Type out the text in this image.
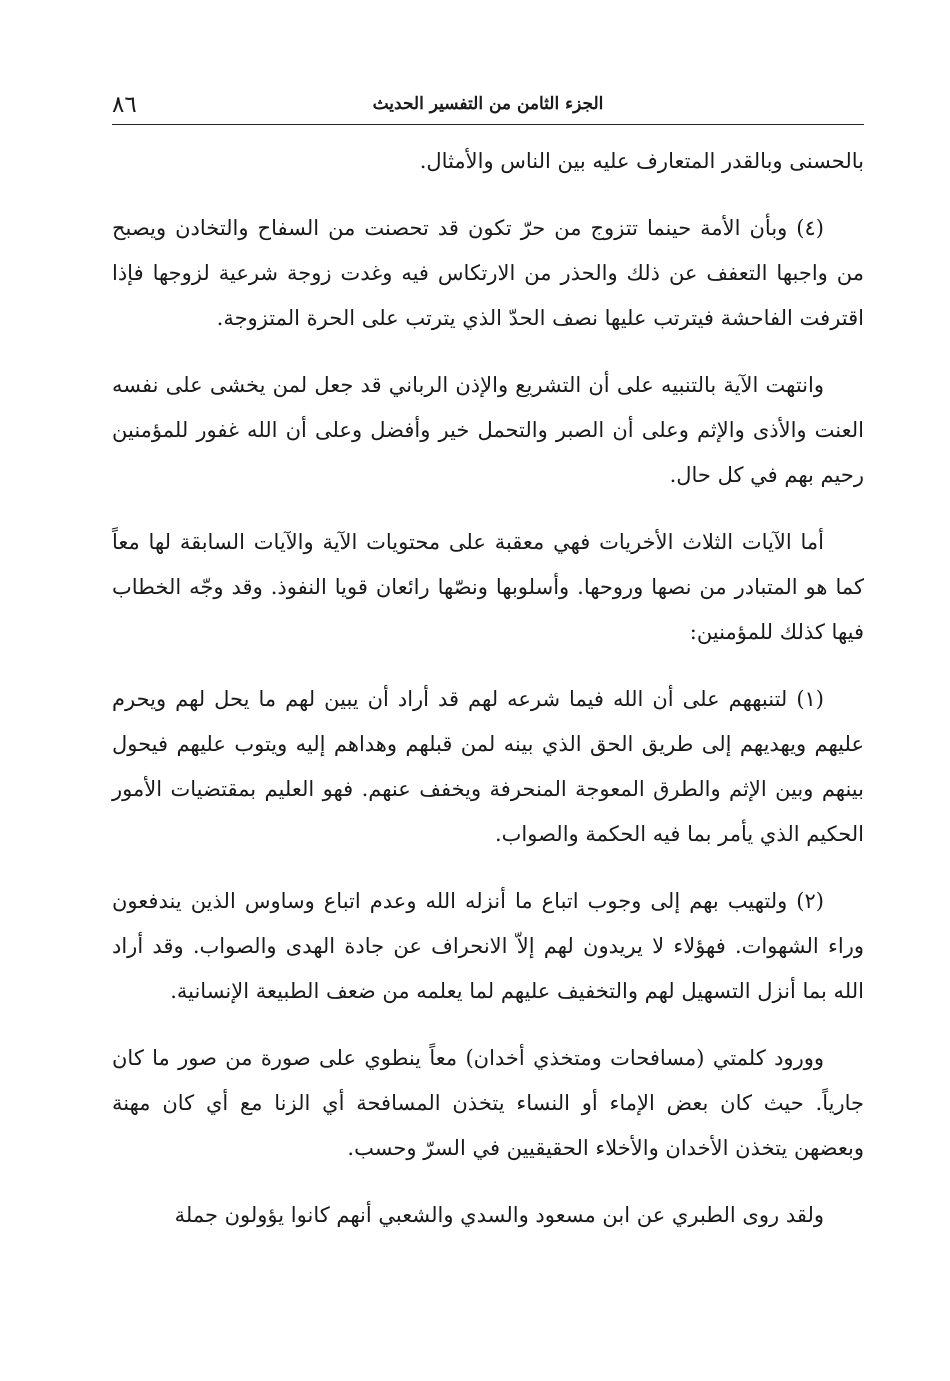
٨٦	الجزء الثامن من التفسير الحديث

بالحسنى وبالقدر المتعارف عليه بين الناس والأمثال.

(٤) وبأن الأمة حينما تتزوج من حرّ تكون قد تحصنت من السفاح والتخادن ويصبح من واجبها التعفف عن ذلك والحذر من الارتكاس فيه وغدت زوجة شرعية لزوجها فإذا اقترفت الفاحشة فيترتب عليها نصف الحدّ الذي يترتب على الحرة المتزوجة.

وانتهت الآية بالتنبيه على أن التشريع والإذن الرباني قد جعل لمن يخشى على نفسه العنت والأذى والإثم وعلى أن الصبر والتحمل خير وأفضل وعلى أن الله غفور للمؤمنين رحيم بهم في كل حال.

أما الآيات الثلاث الأخريات فهي معقبة على محتويات الآية والآيات السابقة لها معاً كما هو المتبادر من نصها وروحها. وأسلوبها ونصّها رائعان قويا النفوذ. وقد وجّه الخطاب فيها كذلك للمؤمنين:

(١) لتنبههم على أن الله فيما شرعه لهم قد أراد أن يبين لهم ما يحل لهم ويحرم عليهم ويهديهم إلى طريق الحق الذي بينه لمن قبلهم وهداهم إليه ويتوب عليهم فيحول بينهم وبين الإثم والطرق المعوجة المنحرفة ويخفف عنهم. فهو العليم بمقتضيات الأمور الحكيم الذي يأمر بما فيه الحكمة والصواب.

(٢) ولتهيب بهم إلى وجوب اتباع ما أنزله الله وعدم اتباع وساوس الذين يندفعون وراء الشهوات. فهؤلاء لا يريدون لهم إلاّ الانحراف عن جادة الهدى والصواب. وقد أراد الله بما أنزل التسهيل لهم والتخفيف عليهم لما يعلمه من ضعف الطبيعة الإنسانية.

وورود كلمتي (مسافحات ومتخذي أخدان) معاً ينطوي على صورة من صور ما كان جارياً. حيث كان بعض الإماء أو النساء يتخذن المسافحة أي الزنا مع أي كان مهنة وبعضهن يتخذن الأخدان والأخلاء الحقيقيين في السرّ وحسب.

ولقد روى الطبري عن ابن مسعود والسدي والشعبي أنهم كانوا يؤولون جملة
